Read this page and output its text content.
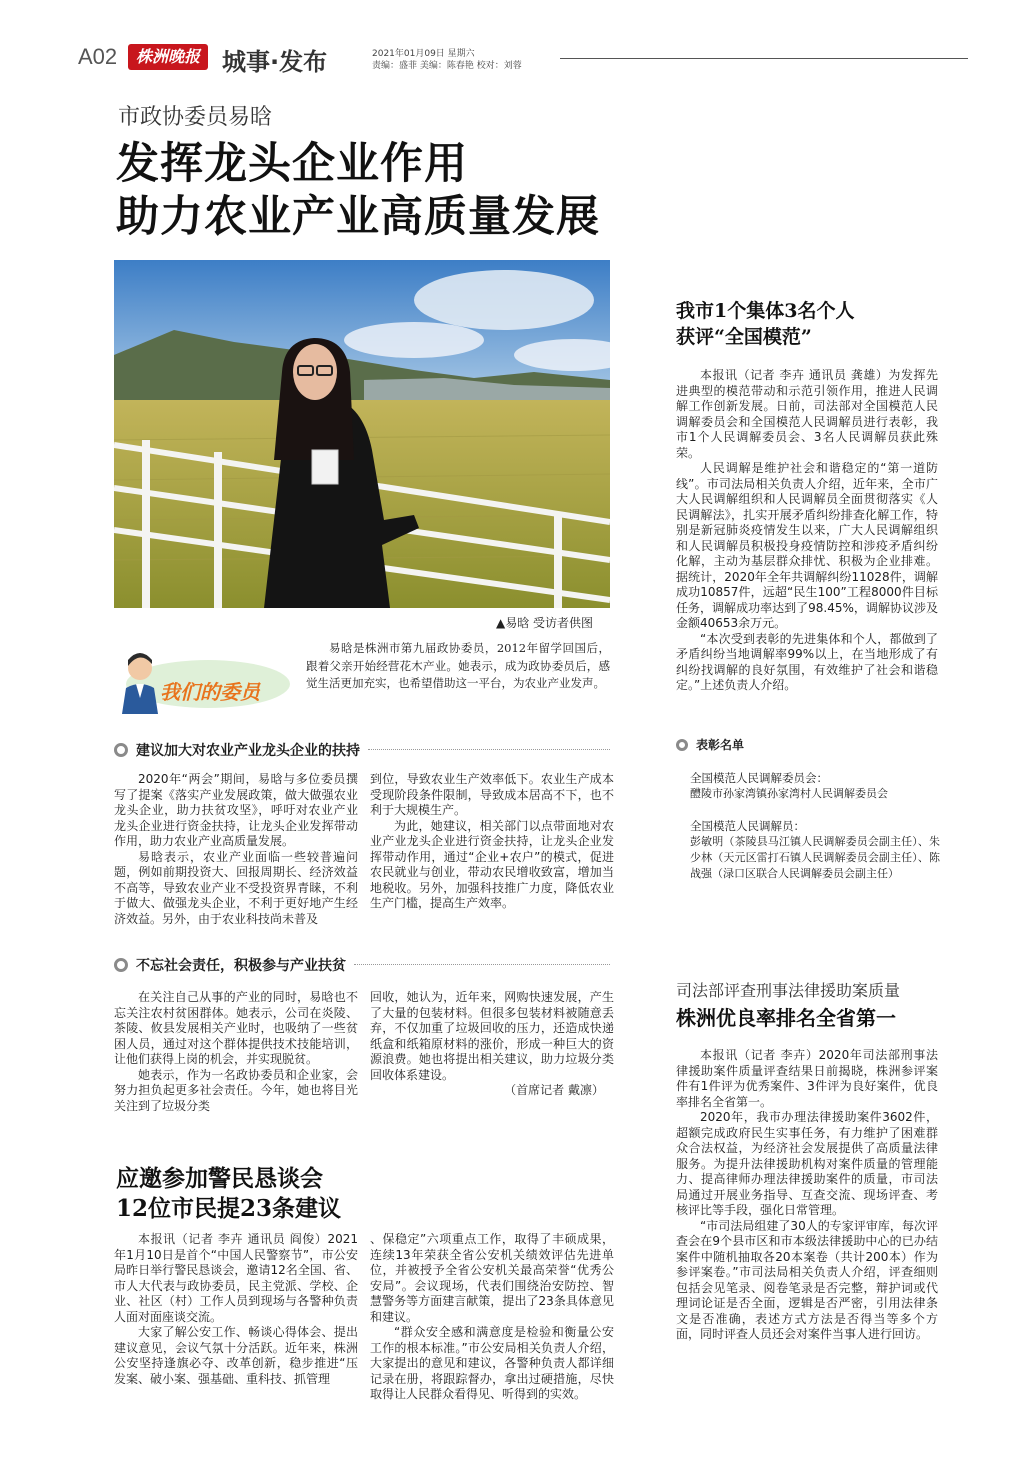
A02	株洲晚报 城事·发布	2021年01月09日 星期六
责编：盛菲 美编：陈春艳 校对：刘蓉
市政协委员易晗
发挥龙头企业作用
助力农业产业高质量发展
▲易晗 受访者供图
我们的委员
易晗是株洲市第九届政协委员，2012年留学回国后，跟着父亲开始经营花木产业。她表示，成为政协委员后，感觉生活更加充实，也希望借助这一平台，为农业产业发声。
建议加大对农业产业龙头企业的扶持

2020年“两会”期间，易晗与多位委员撰写了提案《落实产业发展政策，做大做强农业龙头企业，助力扶贫攻坚》，呼吁对农业产业龙头企业进行资金扶持，让龙头企业发挥带动作用，助力农业产业高质量发展。

易晗表示，农业产业面临一些较普遍问题，例如前期投资大、回报周期长、经济效益不高等，导致农业产业不受投资界青睐，不利于做大、做强龙头企业，不利于更好地产生经济效益。另外，由于农业科技尚未普及

到位，导致农业生产效率低下。农业生产成本受现阶段条件限制，导致成本居高不下，也不利于大规模生产。

为此，她建议，相关部门以点带面地对农业产业龙头企业进行资金扶持，让龙头企业发挥带动作用，通过“企业+农户”的模式，促进农民就业与创业，带动农民增收致富，增加当地税收。另外，加强科技推广力度，降低农业生产门槛，提高生产效率。

不忘社会责任，积极参与产业扶贫

在关注自己从事的产业的同时，易晗也不忘关注农村贫困群体。她表示，公司在炎陵、茶陵、攸县发展相关产业时，也吸纳了一些贫困人员，通过对这个群体提供技术技能培训，让他们获得上岗的机会，并实现脱贫。

她表示，作为一名政协委员和企业家，会努力担负起更多社会责任。今年，她也将目光关注到了垃圾分类

回收，她认为，近年来，网购快速发展，产生了大量的包装材料。但很多包装材料被随意丢弃，不仅加重了垃圾回收的压力，还造成快递纸盒和纸箱原材料的涨价，形成一种巨大的资源浪费。她也将提出相关建议，助力垃圾分类回收体系建设。

（首席记者 戴凛）
应邀参加警民恳谈会
12位市民提23条建议

本报讯（记者 李卉 通讯员 阎俊）2021年1月10日是首个“中国人民警察节”，市公安局昨日举行警民恳谈会，邀请12名全国、省、市人大代表与政协委员，民主党派、学校、企业、社区（村）工作人员到现场与各警种负责人面对面座谈交流。

大家了解公安工作、畅谈心得体会、提出建议意见，会议气氛十分活跃。近年来，株洲公安坚持逢旗必夺、改革创新，稳步推进“压发案、破小案、强基础、重科技、抓管理

、保稳定”六项重点工作，取得了丰硕成果，连续13年荣获全省公安机关绩效评估先进单位，并被授予全省公安机关最高荣誉“优秀公安局”。会议现场，代表们围绕治安防控、智慧警务等方面建言献策，提出了23条具体意见和建议。

“群众安全感和满意度是检验和衡量公安工作的根本标准。”市公安局相关负责人介绍，大家提出的意见和建议，各警种负责人都详细记录在册，将跟踪督办，拿出过硬措施，尽快取得让人民群众看得见、听得到的实效。

我市1个集体3名个人
获评“全国模范”

本报讯（记者 李卉 通讯员 龚雄）为发挥先进典型的模范带动和示范引领作用，推进人民调解工作创新发展。日前，司法部对全国模范人民调解委员会和全国模范人民调解员进行表彰，我市1个人民调解委员会、3名人民调解员获此殊荣。

人民调解是维护社会和谐稳定的“第一道防线”。市司法局相关负责人介绍，近年来，全市广大人民调解组织和人民调解员全面贯彻落实《人民调解法》，扎实开展矛盾纠纷排查化解工作，特别是新冠肺炎疫情发生以来，广大人民调解组织和人民调解员积极投身疫情防控和涉疫矛盾纠纷化解，主动为基层群众排忧、积极为企业排难。据统计，2020年全年共调解纠纷11028件，调解成功10857件，远超“民生100”工程8000件目标任务，调解成功率达到了98.45%，调解协议涉及金额40653余万元。

“本次受到表彰的先进集体和个人，都做到了矛盾纠纷当地调解率99%以上，在当地形成了有纠纷找调解的良好氛围，有效维护了社会和谐稳定。”上述负责人介绍。

表彰名单
全国模范人民调解委员会：
醴陵市孙家湾镇孙家湾村人民调解委员会
全国模范人民调解员：
彭敏明（茶陵县马江镇人民调解委员会副主任）、朱少林（天元区雷打石镇人民调解委员会副主任）、陈战强（渌口区联合人民调解委员会副主任）
司法部评查刑事法律援助案质量
株洲优良率排名全省第一

本报讯（记者 李卉）2020年司法部刑事法律援助案件质量评查结果日前揭晓，株洲参评案件有1件评为优秀案件、3件评为良好案件，优良率排名全省第一。

2020年，我市办理法律援助案件3602件，超额完成政府民生实事任务，有力维护了困难群众合法权益，为经济社会发展提供了高质量法律服务。为提升法律援助机构对案件质量的管理能力、提高律师办理法律援助案件的质量，市司法局通过开展业务指导、互查交流、现场评查、考核评比等手段，强化日常管理。

“市司法局组建了30人的专家评审库，每次评查会在9个县市区和市本级法律援助中心的已办结案件中随机抽取各20本案卷（共计200本）作为参评案卷。”市司法局相关负责人介绍，评查细则包括会见笔录、阅卷笔录是否完整，辩护词或代理词论证是否全面，逻辑是否严密，引用法律条文是否准确，表述方式方法是否得当等多个方面，同时评查人员还会对案件当事人进行回访。
